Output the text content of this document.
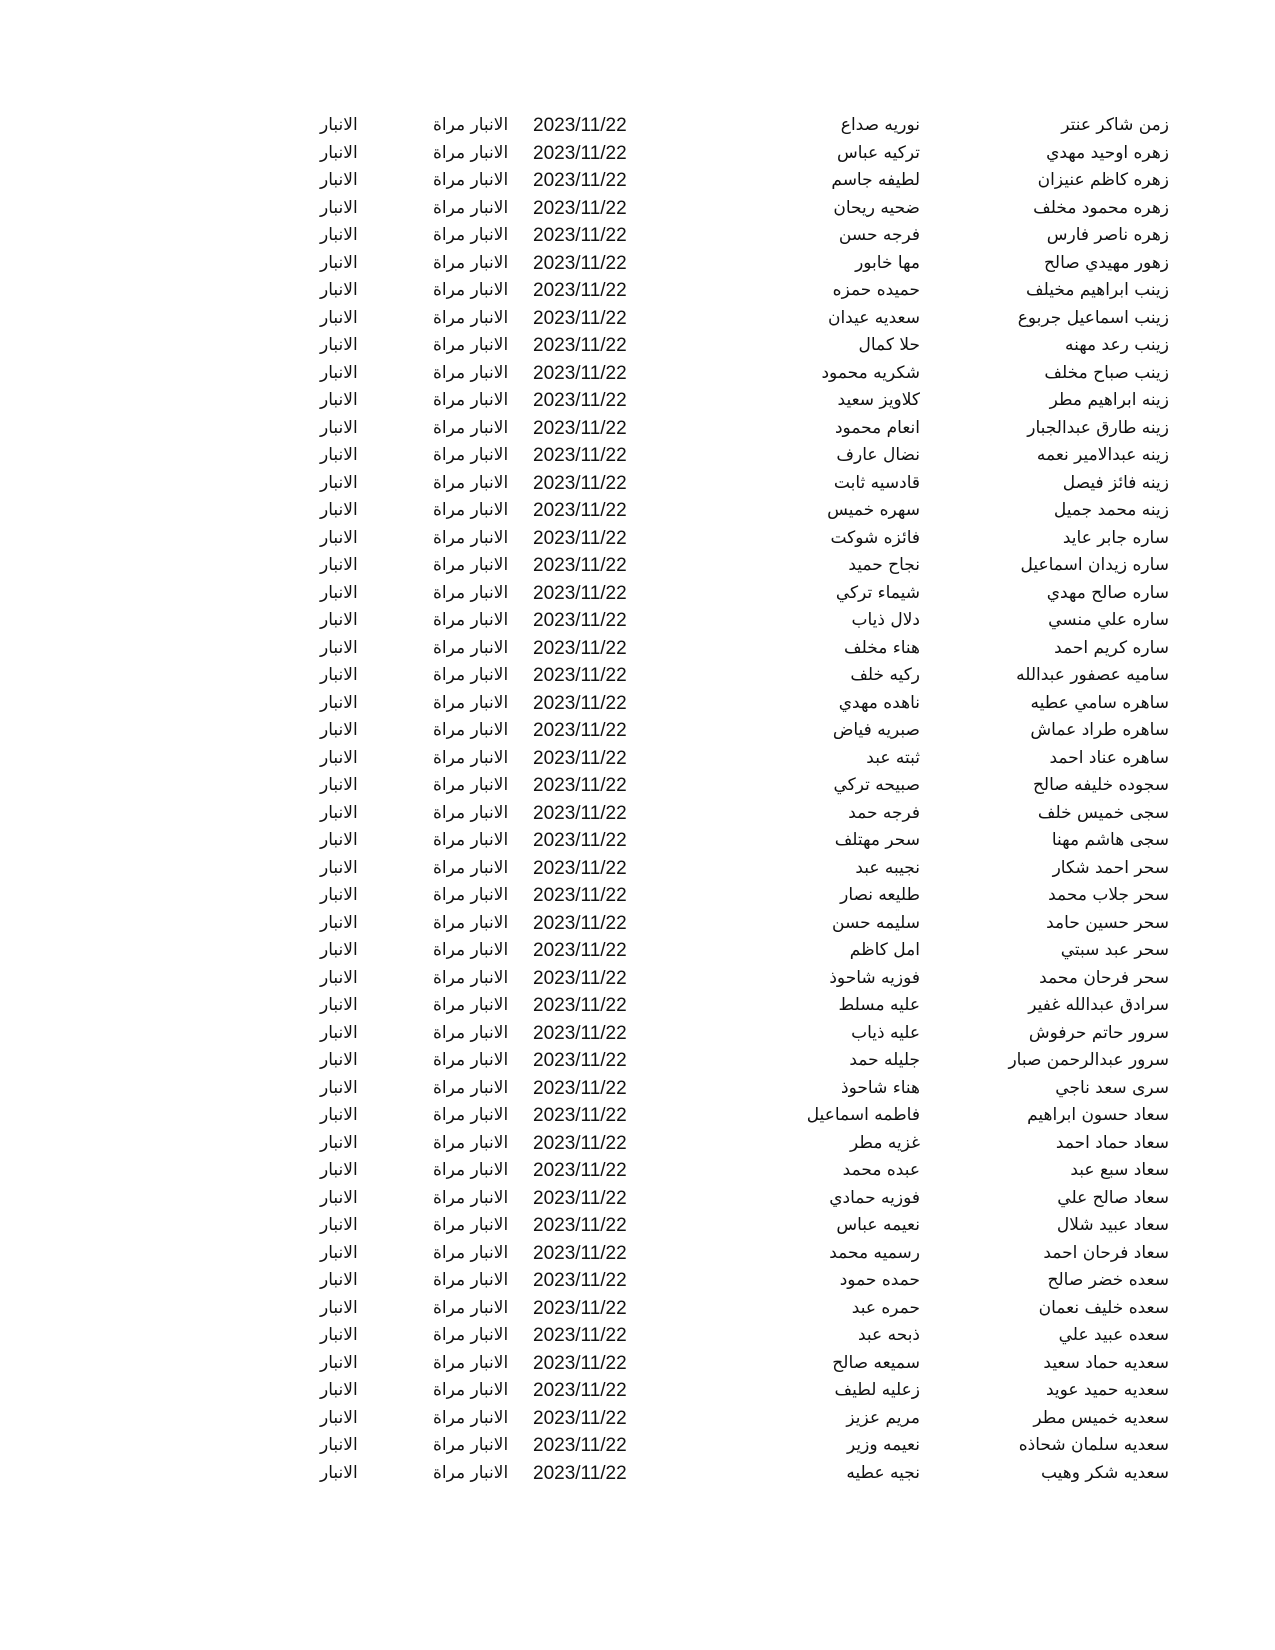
زمن شاكر عنتر
نوريه صداع
2023/11/22
الانبار مراة
الانبار
زهره اوحيد مهدي
تركيه عباس
2023/11/22
الانبار مراة
الانبار
زهره كاظم عنيزان
لطيفه جاسم
2023/11/22
الانبار مراة
الانبار
زهره محمود مخلف
ضحيه ريحان
2023/11/22
الانبار مراة
الانبار
زهره ناصر فارس
فرجه حسن
2023/11/22
الانبار مراة
الانبار
زهور مهيدي صالح
مها خابور
2023/11/22
الانبار مراة
الانبار
زينب ابراهيم مخيلف
حميده حمزه
2023/11/22
الانبار مراة
الانبار
زينب اسماعيل جربوع
سعديه عيدان
2023/11/22
الانبار مراة
الانبار
زينب رعد مهنه
حلا كمال
2023/11/22
الانبار مراة
الانبار
زينب صباح مخلف
شكريه محمود
2023/11/22
الانبار مراة
الانبار
زينه ابراهيم مطر
كلاويز سعيد
2023/11/22
الانبار مراة
الانبار
زينه طارق عبدالجبار
انعام محمود
2023/11/22
الانبار مراة
الانبار
زينه عبدالامير نعمه
نضال عارف
2023/11/22
الانبار مراة
الانبار
زينه فائز فيصل
قادسيه ثابت
2023/11/22
الانبار مراة
الانبار
زينه محمد جميل
سهره خميس
2023/11/22
الانبار مراة
الانبار
ساره جابر عايد
فائزه شوكت
2023/11/22
الانبار مراة
الانبار
ساره زيدان اسماعيل
نجاح حميد
2023/11/22
الانبار مراة
الانبار
ساره صالح مهدي
شيماء تركي
2023/11/22
الانبار مراة
الانبار
ساره علي منسي
دلال ذياب
2023/11/22
الانبار مراة
الانبار
ساره كريم احمد
هناء مخلف
2023/11/22
الانبار مراة
الانبار
ساميه عصفور عبدالله
ركيه خلف
2023/11/22
الانبار مراة
الانبار
ساهره سامي عطيه
ناهده مهدي
2023/11/22
الانبار مراة
الانبار
ساهره طراد عماش
صبريه فياض
2023/11/22
الانبار مراة
الانبار
ساهره عناد احمد
ثبته عبد
2023/11/22
الانبار مراة
الانبار
سجوده خليفه صالح
صبيحه تركي
2023/11/22
الانبار مراة
الانبار
سجى خميس خلف
فرجه حمد
2023/11/22
الانبار مراة
الانبار
سجى هاشم مهنا
سحر مهتلف
2023/11/22
الانبار مراة
الانبار
سحر احمد شكار
نجيبه عبد
2023/11/22
الانبار مراة
الانبار
سحر جلاب محمد
طليعه نصار
2023/11/22
الانبار مراة
الانبار
سحر حسين حامد
سليمه حسن
2023/11/22
الانبار مراة
الانبار
سحر عبد سبتي
امل كاظم
2023/11/22
الانبار مراة
الانبار
سحر فرحان محمد
فوزيه شاحوذ
2023/11/22
الانبار مراة
الانبار
سرادق عبدالله غفير
عليه مسلط
2023/11/22
الانبار مراة
الانبار
سرور حاتم حرفوش
عليه ذياب
2023/11/22
الانبار مراة
الانبار
سرور عبدالرحمن صبار
جليله حمد
2023/11/22
الانبار مراة
الانبار
سرى سعد ناجي
هناء شاحوذ
2023/11/22
الانبار مراة
الانبار
سعاد حسون ابراهيم
فاطمه اسماعيل
2023/11/22
الانبار مراة
الانبار
سعاد حماد احمد
غزيه مطر
2023/11/22
الانبار مراة
الانبار
سعاد سبع عبد
عبده محمد
2023/11/22
الانبار مراة
الانبار
سعاد صالح علي
فوزيه حمادي
2023/11/22
الانبار مراة
الانبار
سعاد عبيد شلال
نعيمه عباس
2023/11/22
الانبار مراة
الانبار
سعاد فرحان احمد
رسميه محمد
2023/11/22
الانبار مراة
الانبار
سعده خضر صالح
حمده حمود
2023/11/22
الانبار مراة
الانبار
سعده خليف نعمان
حمره عبد
2023/11/22
الانبار مراة
الانبار
سعده عبيد علي
ذبحه عبد
2023/11/22
الانبار مراة
الانبار
سعديه حماد سعيد
سميعه صالح
2023/11/22
الانبار مراة
الانبار
سعديه حميد عويد
زعليه لطيف
2023/11/22
الانبار مراة
الانبار
سعديه خميس مطر
مريم عزيز
2023/11/22
الانبار مراة
الانبار
سعديه سلمان شحاذه
نعيمه وزير
2023/11/22
الانبار مراة
الانبار
سعديه شكر وهيب
نجيه عطيه
2023/11/22
الانبار مراة
الانبار
